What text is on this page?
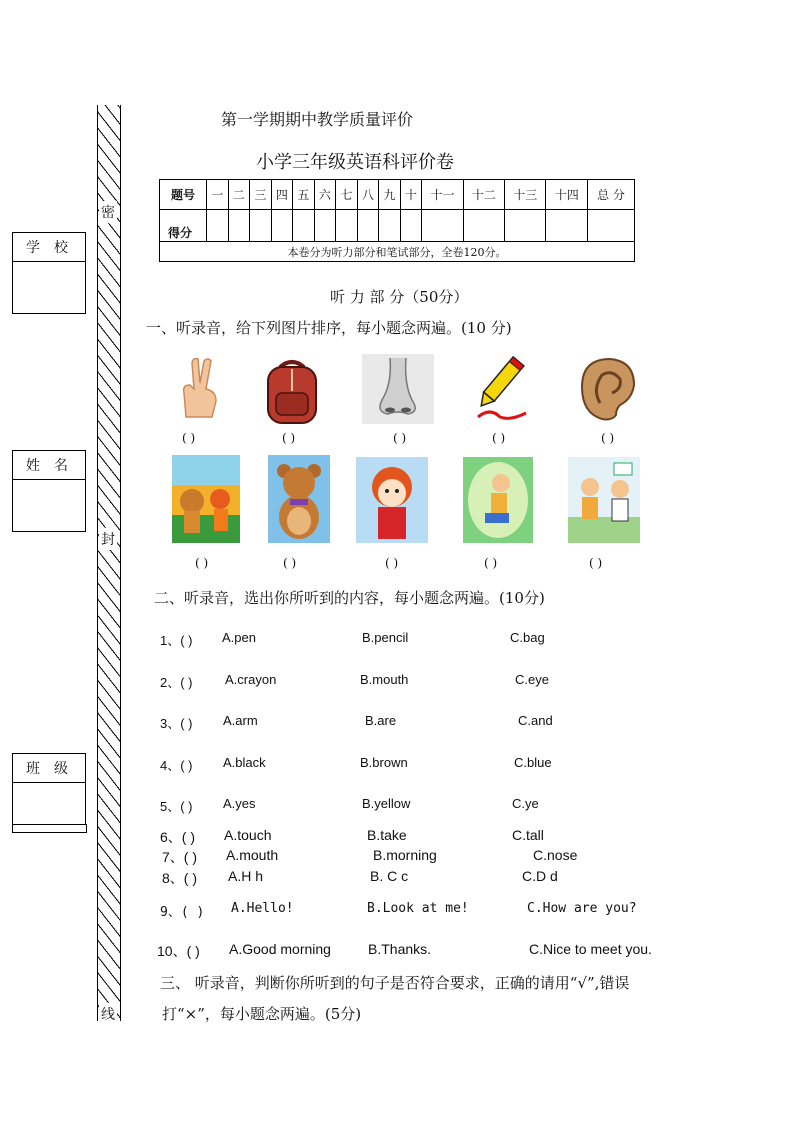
密
封
线
学校
姓名
班级
第一学期期中教学质量评价
小学三年级英语科评价卷
题号	一	二	三	四	五	六	七	八	九	十	十一	十二	十三	十四	总 分
得分															
本卷分为听力部分和笔试部分，全卷120分。															
听 力 部 分（50分）
一、听录音，给下列图片排序，每小题念两遍。(10 分)
( )	( )	( )	( )	( )
( )	( )	( )	( )	( )
二、听录音，选出你所听到的内容，每小题念两遍。(10分)
1、( ) A.pen	B.pencil	C.bag
2、( ) A.crayon	B.mouth	C.eye
3、( ) A.arm	B.are	C.and
4、( ) A.black	B.brown	C.blue
5、( ) A.yes	B.yellow	C.ye
6、( ) A.touch	B.take	C.tall
7、( ) A.mouth	B.morning	C.nose
8、( ) A.H h	B. C c	C.D d
9、( ) A.Hello!	B.Look at me!	C.How are you?
10、( ) A.Good morning	B.Thanks.	C.Nice to meet you.
三、 听录音，判断你所听到的句子是否符合要求，正确的请用“√”,错误
打“×”，每小题念两遍。(5分)
